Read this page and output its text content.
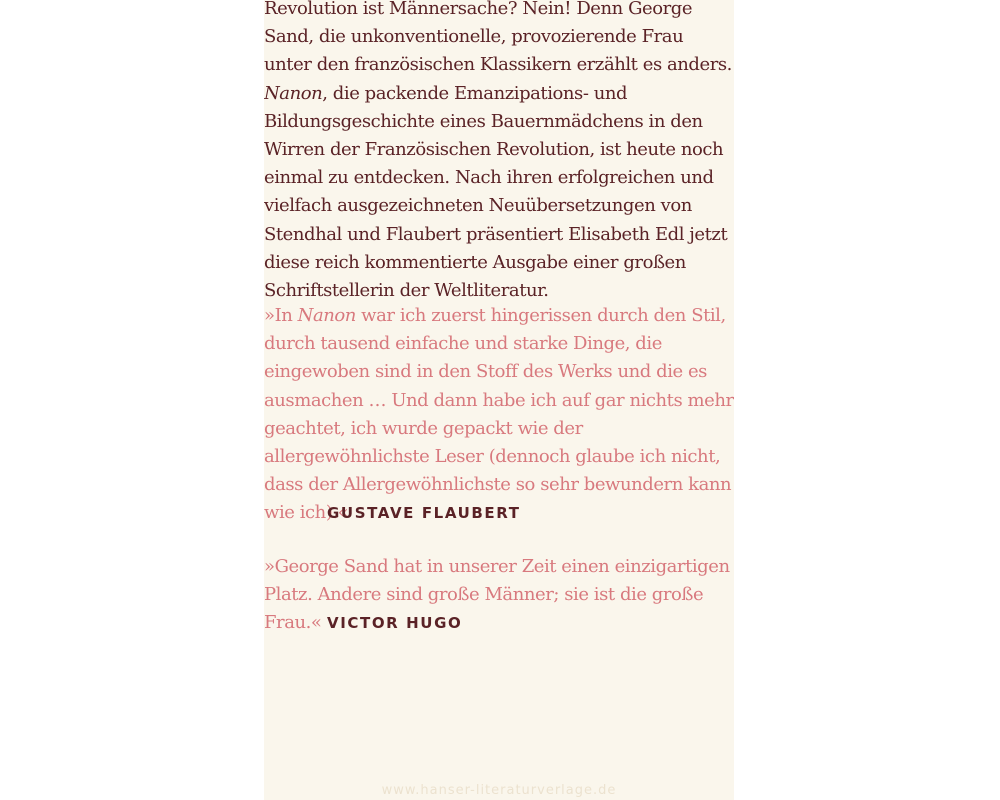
Revolution ist Männersache? Nein! Denn George Sand, die unkonventionelle, provozierende Frau unter den französischen Klassikern erzählt es anders. Nanon, die packende Emanzipations- und Bildungsgeschichte eines Bauernmädchens in den Wirren der Französischen Revolution, ist heute noch einmal zu entdecken. Nach ihren erfolgreichen und vielfach ausgezeichneten Neuübersetzungen von Stendhal und Flaubert präsentiert Elisabeth Edl jetzt diese reich kommentierte Ausgabe einer großen Schriftstellerin der Weltliteratur.

»In Nanon war ich zuerst hingerissen durch den Stil, durch tausend einfache und starke Dinge, die eingewoben sind in den Stoff des Werks und die es ausmachen … Und dann habe ich auf gar nichts mehr geachtet, ich wurde gepackt wie der allergewöhnlichste Leser (dennoch glaube ich nicht, dass der Allergewöhnlichste so sehr bewundern kann wie ich).«

GUSTAVE FLAUBERT

»George Sand hat in unserer Zeit einen einzigartigen Platz. Andere sind große Männer; sie ist die große Frau.« VICTOR HUGO

www.hanser-literaturverlage.de
